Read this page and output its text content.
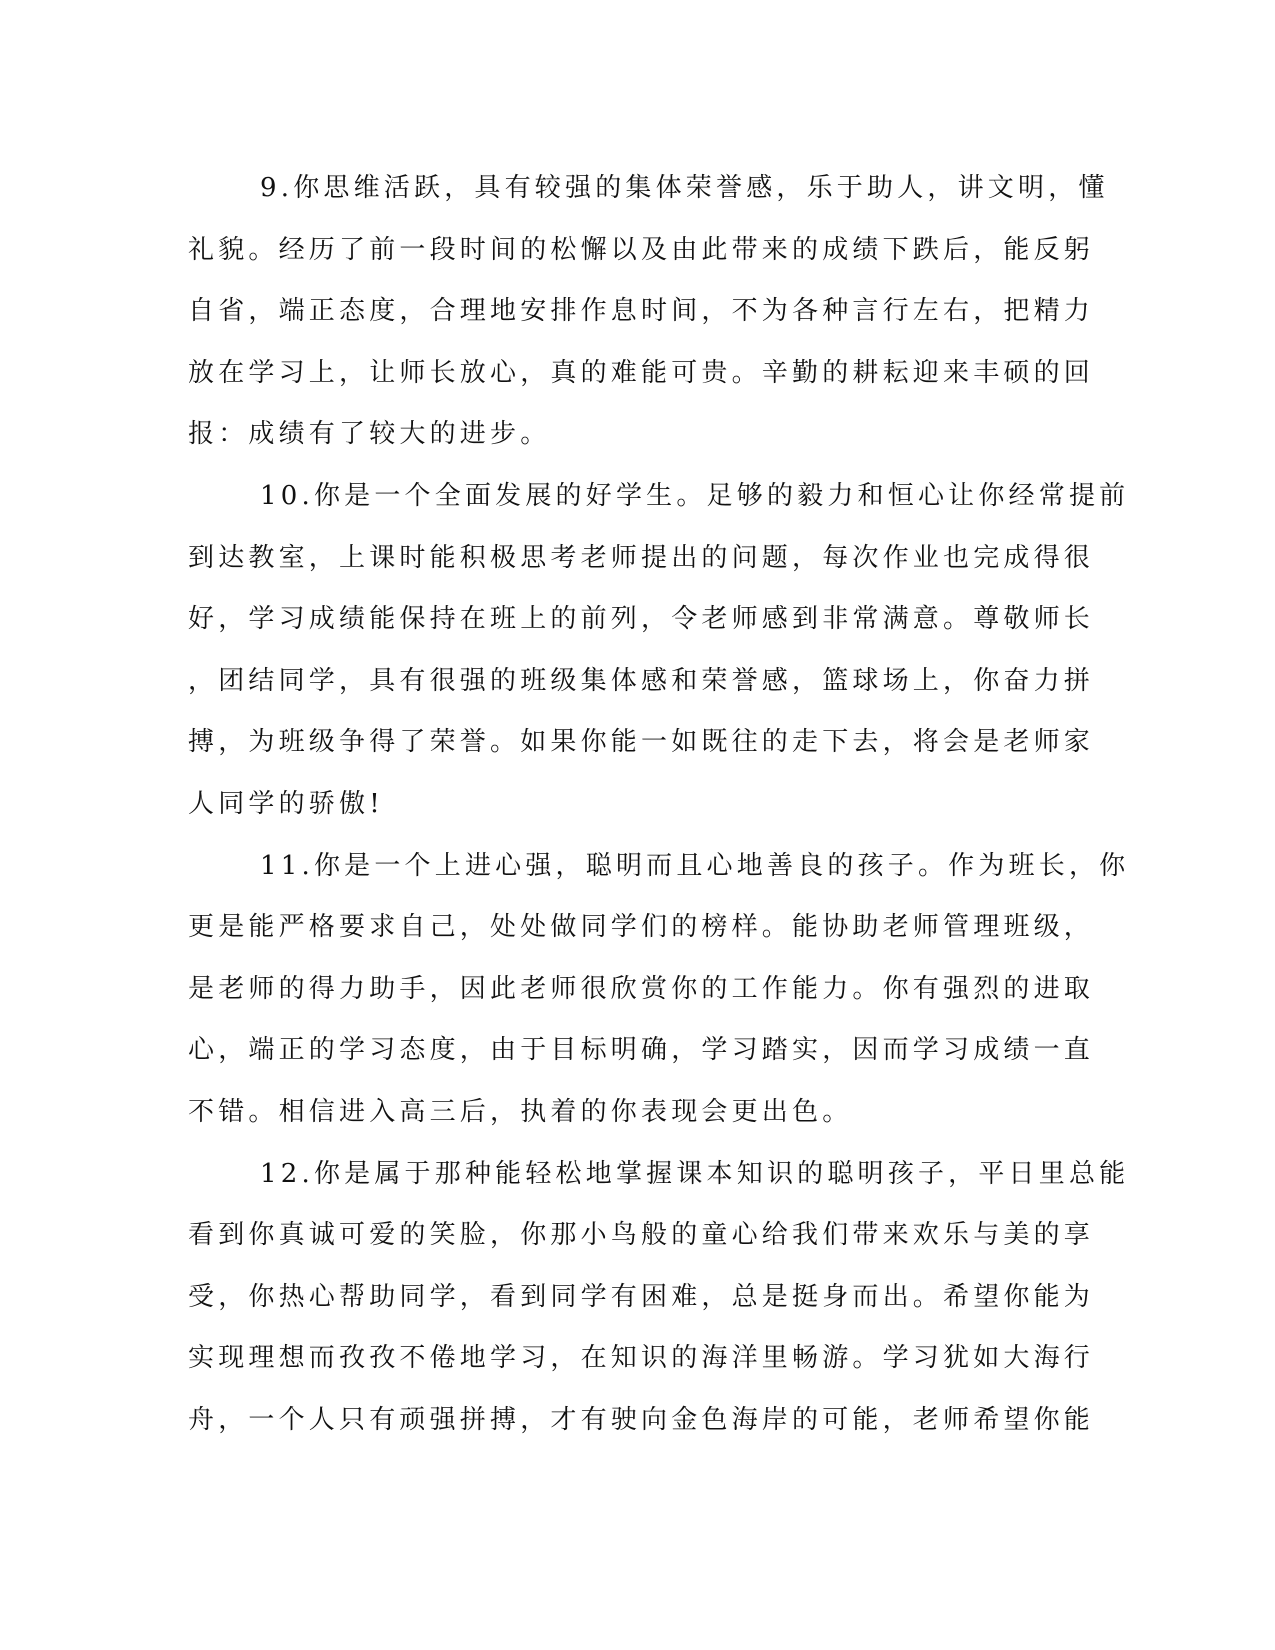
9.你思维活跃，具有较强的集体荣誉感，乐于助人，讲文明，懂
礼貌。经历了前一段时间的松懈以及由此带来的成绩下跌后，能反躬
自省，端正态度，合理地安排作息时间，不为各种言行左右，把精力
放在学习上，让师长放心，真的难能可贵。辛勤的耕耘迎来丰硕的回
报：成绩有了较大的进步。
10.你是一个全面发展的好学生。足够的毅力和恒心让你经常提前
到达教室，上课时能积极思考老师提出的问题，每次作业也完成得很
好，学习成绩能保持在班上的前列，令老师感到非常满意。尊敬师长
，团结同学，具有很强的班级集体感和荣誉感，篮球场上，你奋力拼
搏，为班级争得了荣誉。如果你能一如既往的走下去，将会是老师家
人同学的骄傲!
11.你是一个上进心强，聪明而且心地善良的孩子。作为班长，你
更是能严格要求自己，处处做同学们的榜样。能协助老师管理班级，
是老师的得力助手，因此老师很欣赏你的工作能力。你有强烈的进取
心，端正的学习态度，由于目标明确，学习踏实，因而学习成绩一直
不错。相信进入高三后，执着的你表现会更出色。
12.你是属于那种能轻松地掌握课本知识的聪明孩子，平日里总能
看到你真诚可爱的笑脸，你那小鸟般的童心给我们带来欢乐与美的享
受，你热心帮助同学，看到同学有困难，总是挺身而出。希望你能为
实现理想而孜孜不倦地学习，在知识的海洋里畅游。学习犹如大海行
舟，一个人只有顽强拼搏，才有驶向金色海岸的可能，老师希望你能
